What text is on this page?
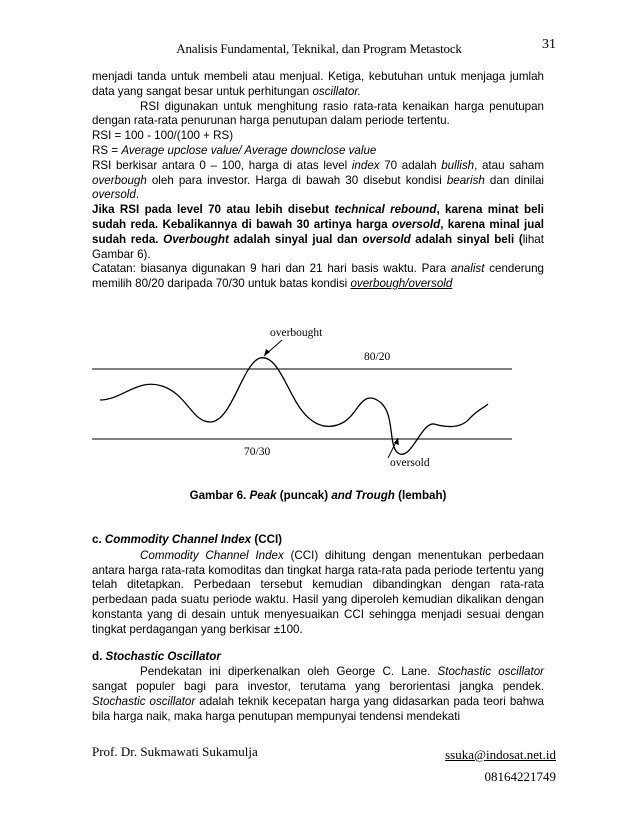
Analisis Fundamental, Teknikal, dan Program Metastock	31

menjadi tanda untuk membeli atau menjual. Ketiga, kebutuhan untuk menjaga jumlah data yang sangat besar untuk perhitungan oscillator.

RSI digunakan untuk menghitung rasio rata-rata kenaikan harga penutupan dengan rata-rata penurunan harga penutupan dalam periode tertentu.

RSI = 100 - 100/(100 + RS)

RS = Average upclose value/ Average downclose value

RSI berkisar antara 0 – 100, harga di atas level index 70 adalah bullish, atau saham overbough oleh para investor. Harga di bawah 30 disebut kondisi bearish dan dinilai oversold.

Jika RSI pada level 70 atau lebih disebut technical rebound, karena minat beli sudah reda. Kebalikannya di bawah 30 artinya harga oversold, karena minal jual sudah reda. Overbought adalah sinyal jual dan oversold adalah sinyal beli (lihat Gambar 6).

Catatan: biasanya digunakan 9 hari dan 21 hari basis waktu. Para analist cenderung memilih 80/20 daripada 70/30 untuk batas kondisi overbough/oversold

overbought
80/20
70/30
oversold
Gambar 6. Peak (puncak) and Trough (lembah)

c. Commodity Channel Index (CCI)

Commodity Channel Index (CCI) dihitung dengan menentukan perbedaan antara harga rata-rata komoditas dan tingkat harga rata-rata pada periode tertentu yang telah ditetapkan. Perbedaan tersebut kemudian dibandingkan dengan rata-rata perbedaan pada suatu periode waktu. Hasil yang diperoleh kemudian dikalikan dengan konstanta yang di desain untuk menyesuaikan CCI sehingga menjadi sesuai dengan tingkat perdagangan yang berkisar ±100.

d. Stochastic Oscillator

Pendekatan ini diperkenalkan oleh George C. Lane. Stochastic oscillator sangat populer bagi para investor, terutama yang berorientasi jangka pendek. Stochastic oscillator adalah teknik kecepatan harga yang didasarkan pada teori bahwa bila harga naik, maka harga penutupan mempunyai tendensi mendekati

Prof. Dr. Sukmawati Sukamulja	ssuka@indosat.net.id
08164221749
